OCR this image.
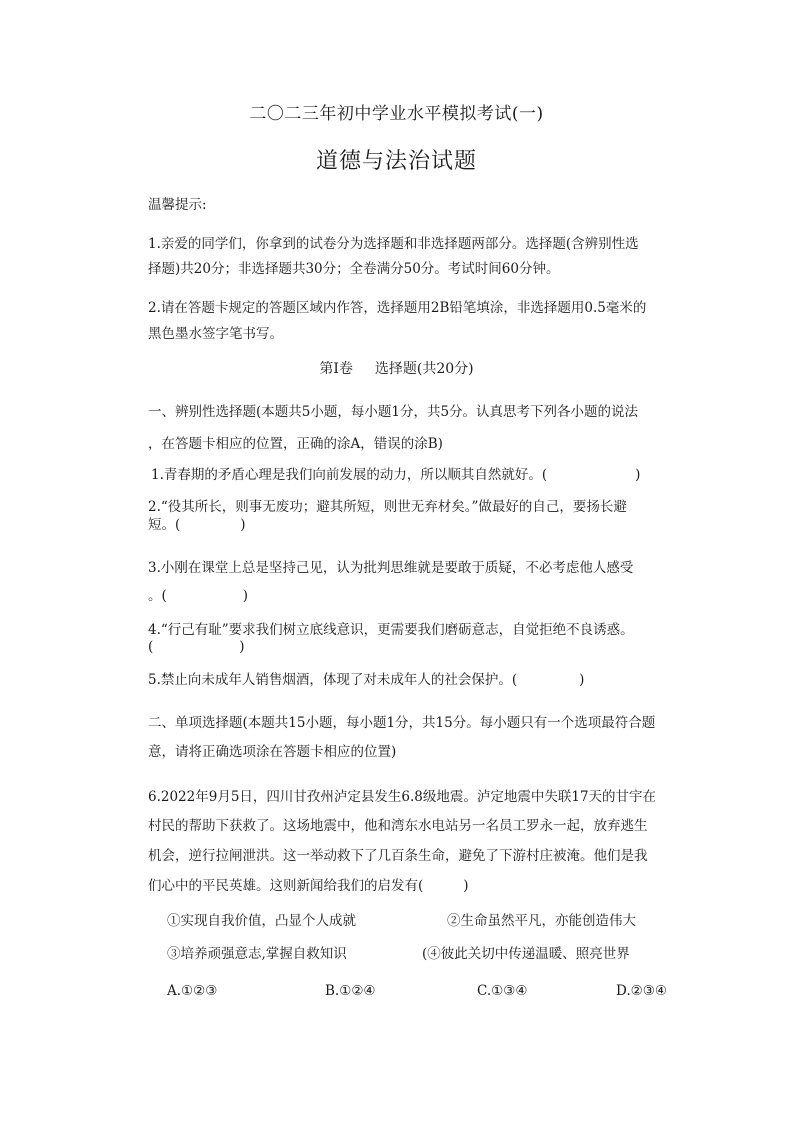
二〇二三年初中学业水平模拟考试(一)
道德与法治试题
温馨提示:
1.亲爱的同学们，你拿到的试卷分为选择题和非选择题两部分。选择题(含辨别性选
择题)共20分；非选择题共30分；全卷满分50分。考试时间60分钟。
2.请在答题卡规定的答题区域内作答，选择题用2B铅笔填涂，非选择题用0.5毫米的
黑色墨水签字笔书写。
第Ⅰ卷 选择题(共20分)
一、辨别性选择题(本题共5小题，每小题1分，共5分。认真思考下列各小题的说法
，在答题卡相应的位置，正确的涂A，错误的涂B)
1.青春期的矛盾心理是我们向前发展的动力，所以顺其自然就好。(	)
2.“役其所长，则事无废功；避其所短，则世无弃材矣。”做最好的自己，要扬长避
短。(	)
3.小刚在课堂上总是坚持己见，认为批判思维就是要敢于质疑，不必考虑他人感受
。(	)
4.“行己有耻”要求我们树立底线意识，更需要我们磨砺意志，自觉拒绝不良诱惑。
(	)
5.禁止向未成年人销售烟酒，体现了对未成年人的社会保护。(	)
二、单项选择题(本题共15小题，每小题1分，共15分。每小题只有一个选项最符合题
意，请将正确选项涂在答题卡相应的位置)
6.2022年9月5日，四川甘孜州泸定县发生6.8级地震。泸定地震中失联17天的甘宇在
村民的帮助下获救了。这场地震中，他和湾东水电站另一名员工罗永一起，放弃逃生
机会，逆行拉闸泄洪。这一举动救下了几百条生命，避免了下游村庄被淹。他们是我
们心中的平民英雄。这则新闻给我们的启发有(	)
①实现自我价值，凸显个人成就	②生命虽然平凡，亦能创造伟大
③培养顽强意志,掌握自救知识	(④彼此关切中传递温暖、照亮世界
A.①②③	B.①②④	C.①③④	D.②③④
